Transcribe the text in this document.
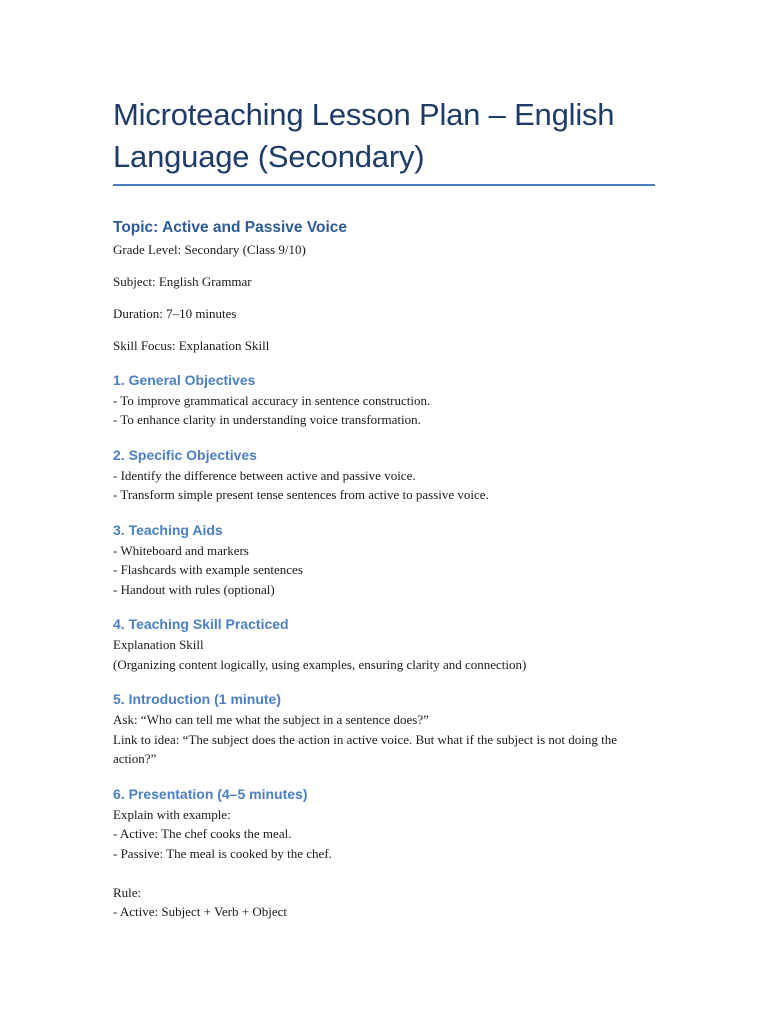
Microteaching Lesson Plan – English Language (Secondary)
Topic: Active and Passive Voice

Grade Level: Secondary (Class 9/10)

Subject: English Grammar

Duration: 7–10 minutes

Skill Focus: Explanation Skill

1. General Objectives

- To improve grammatical accuracy in sentence construction.
- To enhance clarity in understanding voice transformation.

2. Specific Objectives

- Identify the difference between active and passive voice.
- Transform simple present tense sentences from active to passive voice.

3. Teaching Aids

- Whiteboard and markers
- Flashcards with example sentences
- Handout with rules (optional)

4. Teaching Skill Practiced

Explanation Skill
(Organizing content logically, using examples, ensuring clarity and connection)

5. Introduction (1 minute)

Ask: “Who can tell me what the subject in a sentence does?”
Link to idea: “The subject does the action in active voice. But what if the subject is not doing the action?”

6. Presentation (4–5 minutes)

Explain with example:
- Active: The chef cooks the meal.
- Passive: The meal is cooked by the chef.

Rule:
- Active: Subject + Verb + Object
